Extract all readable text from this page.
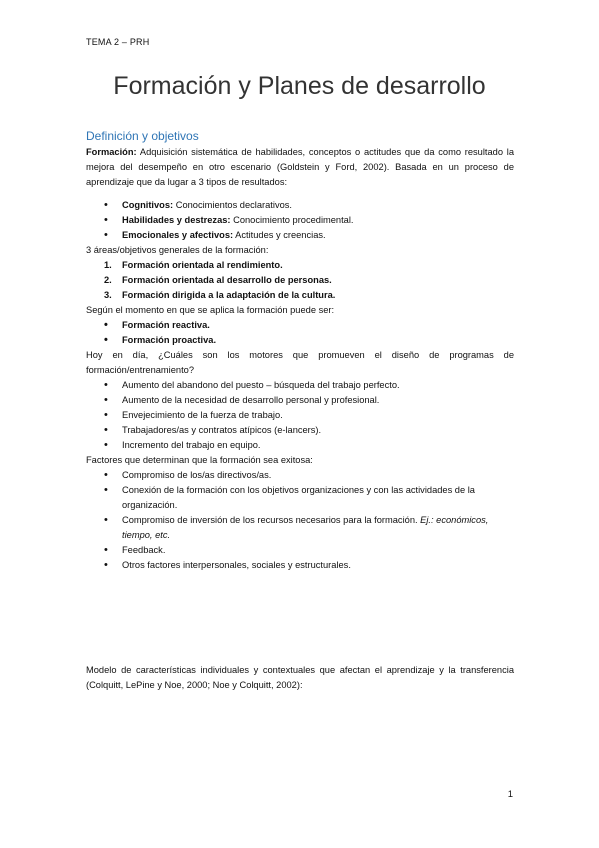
TEMA 2 – PRH
Formación y Planes de desarrollo
Definición y objetivos

Formación: Adquisición sistemática de habilidades, conceptos o actitudes que da como resultado la mejora del desempeño en otro escenario (Goldstein y Ford, 2002). Basada en un proceso de aprendizaje que da lugar a 3 tipos de resultados:

• Cognitivos: Conocimientos declarativos.
• Habilidades y destrezas: Conocimiento procedimental.
• Emocionales y afectivos: Actitudes y creencias.

3 áreas/objetivos generales de la formación:

1. Formación orientada al rendimiento.
2. Formación orientada al desarrollo de personas.
3. Formación dirigida a la adaptación de la cultura.

Según el momento en que se aplica la formación puede ser:

• Formación reactiva.
• Formación proactiva.

Hoy en día, ¿Cuáles son los motores que promueven el diseño de programas de formación/entrenamiento?

• Aumento del abandono del puesto – búsqueda del trabajo perfecto.
• Aumento de la necesidad de desarrollo personal y profesional.
• Envejecimiento de la fuerza de trabajo.
• Trabajadores/as y contratos atípicos (e-lancers).
• Incremento del trabajo en equipo.

Factores que determinan que la formación sea exitosa:

• Compromiso de los/as directivos/as.
• Conexión de la formación con los objetivos organizaciones y con las actividades de la organización.
• Compromiso de inversión de los recursos necesarios para la formación. Ej.: económicos, tiempo, etc.
• Feedback.
• Otros factores interpersonales, sociales y estructurales.

Modelo de características individuales y contextuales que afectan el aprendizaje y la transferencia (Colquitt, LePine y Noe, 2000; Noe y Colquitt, 2002):

1
